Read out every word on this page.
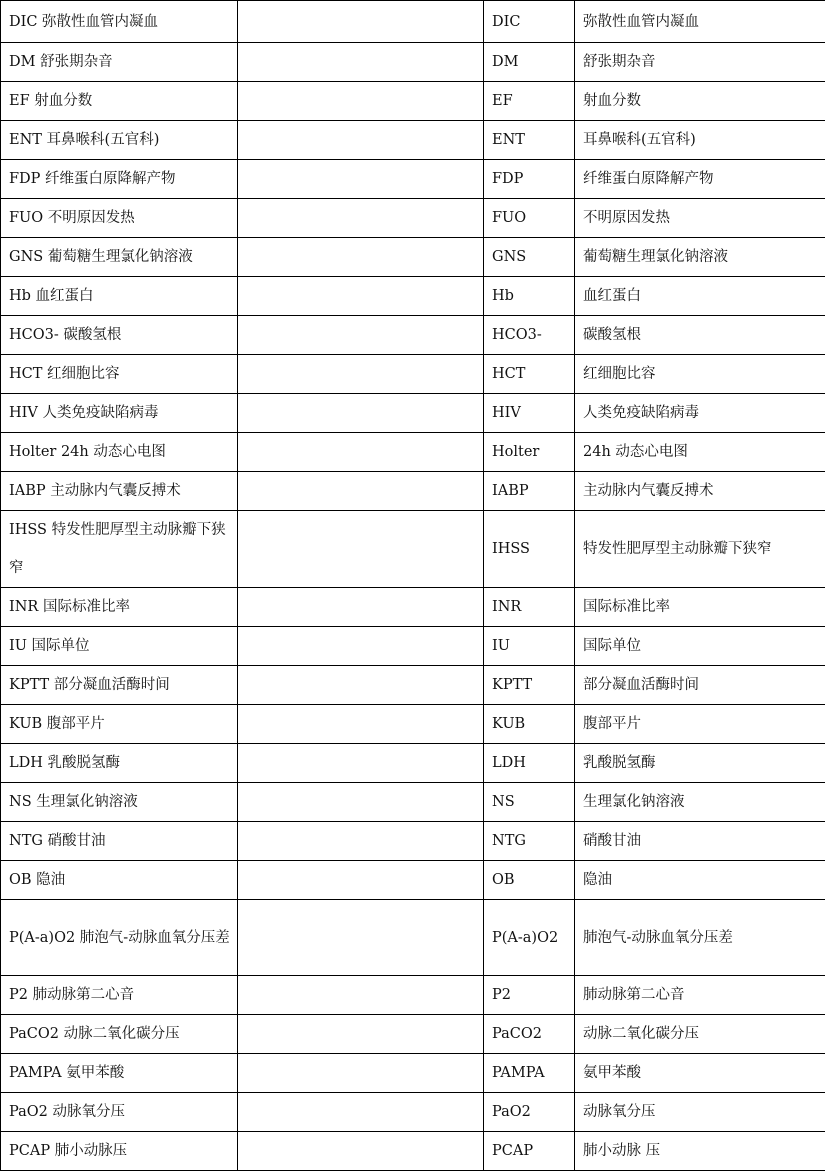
DIC 弥散性血管内凝血		DIC	弥散性血管内凝血
DM 舒张期杂音		DM	舒张期杂音
EF 射血分数		EF	射血分数
ENT 耳鼻喉科(五官科)		ENT	耳鼻喉科(五官科)
FDP 纤维蛋白原降解产物		FDP	纤维蛋白原降解产物
FUO 不明原因发热		FUO	不明原因发热
GNS 葡萄糖生理氯化钠溶液		GNS	葡萄糖生理氯化钠溶液
Hb 血红蛋白		Hb	血红蛋白
HCO3- 碳酸氢根		HCO3-	碳酸氢根
HCT 红细胞比容		HCT	红细胞比容
HIV 人类免疫缺陷病毒		HIV	人类免疫缺陷病毒
Holter 24h 动态心电图		Holter	24h 动态心电图
IABP 主动脉内气囊反搏术		IABP	主动脉内气囊反搏术
IHSS 特发性肥厚型主动脉瓣下狭窄		IHSS	特发性肥厚型主动脉瓣下狭窄
INR 国际标准比率		INR	国际标准比率
IU 国际单位		IU	国际单位
KPTT 部分凝血活酶时间		KPTT	部分凝血活酶时间
KUB 腹部平片		KUB	腹部平片
LDH 乳酸脱氢酶		LDH	乳酸脱氢酶
NS 生理氯化钠溶液		NS	生理氯化钠溶液
NTG 硝酸甘油		NTG	硝酸甘油
OB 隐油		OB	隐油
P(A-a)O2 肺泡气-动脉血氧分压差		P(A-a)O2	肺泡气-动脉血氧分压差
P2 肺动脉第二心音		P2	肺动脉第二心音
PaCO2 动脉二氧化碳分压		PaCO2	动脉二氧化碳分压
PAMPA 氨甲苯酸		PAMPA	氨甲苯酸
PaO2 动脉氧分压		PaO2	动脉氧分压
PCAP 肺小动脉压		PCAP	肺小动脉 压
